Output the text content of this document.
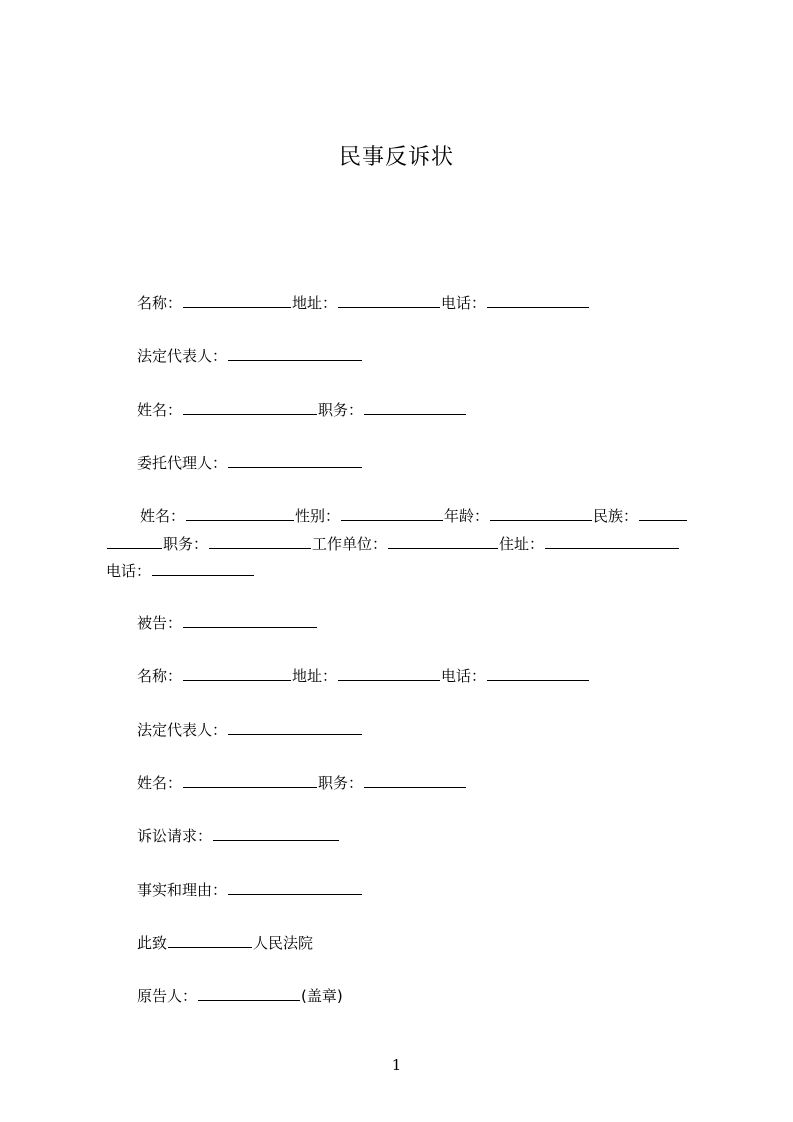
民事反诉状
名称：	地址：	电话：
法定代表人：
姓名：	职务：
委托代理人：
姓名：	性别：	年龄：	民族：
职务：	工作单位：	住址：
电话：
被告：
名称：	地址：	电话：
法定代表人：
姓名：	职务：
诉讼请求：
事实和理由：
此致	人民法院
原告人：	(盖章)
1
